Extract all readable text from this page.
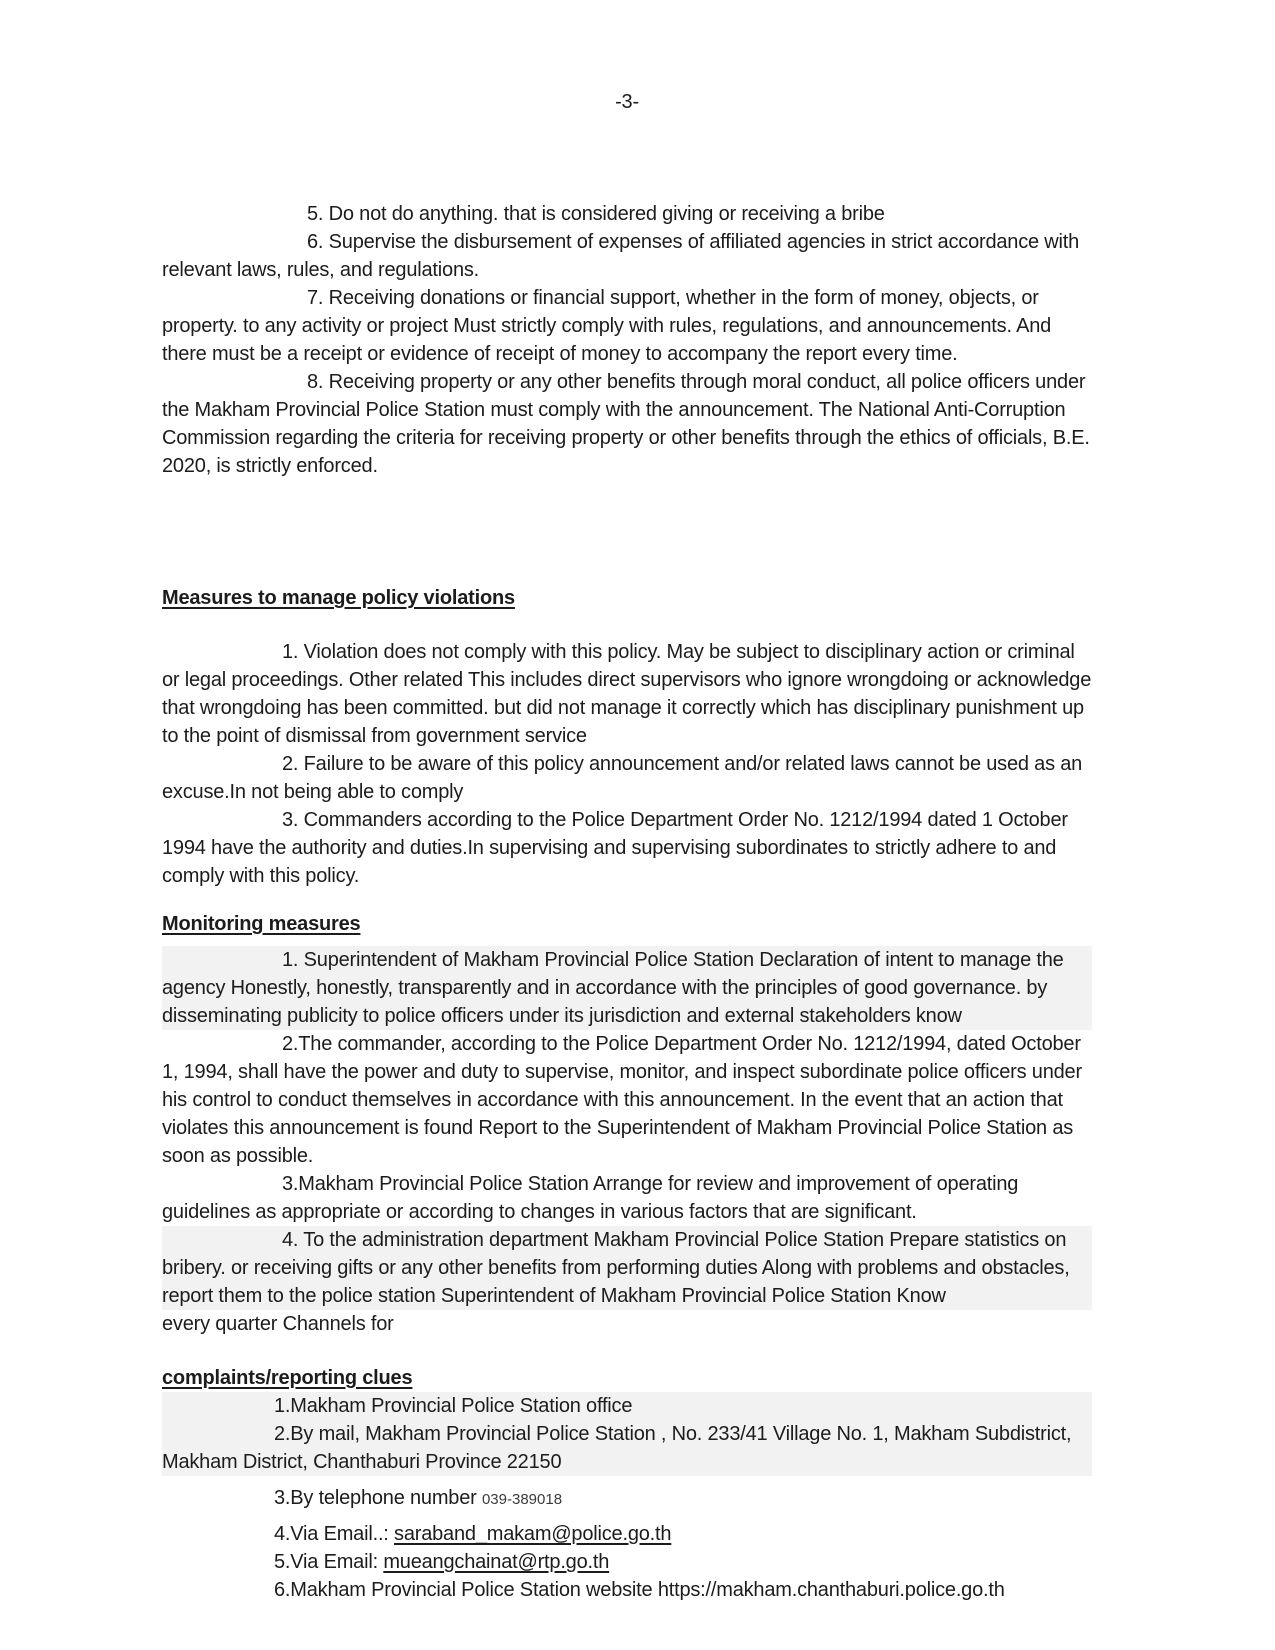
-3-
5. Do not do anything. that is considered giving or receiving a bribe
6. Supervise the disbursement of expenses of affiliated agencies in strict accordance with relevant laws, rules, and regulations.
7. Receiving donations or financial support, whether in the form of money, objects, or property. to any activity or project Must strictly comply with rules, regulations, and announcements. And there must be a receipt or evidence of receipt of money to accompany the report every time.
8. Receiving property or any other benefits through moral conduct, all police officers under the Makham Provincial Police Station must comply with the announcement. The National Anti-Corruption Commission regarding the criteria for receiving property or other benefits through the ethics of officials, B.E. 2020, is strictly enforced.
Measures to manage policy violations
1. Violation does not comply with this policy. May be subject to disciplinary action or criminal or legal proceedings. Other related This includes direct supervisors who ignore wrongdoing or acknowledge that wrongdoing has been committed. but did not manage it correctly which has disciplinary punishment up to the point of dismissal from government service
2. Failure to be aware of this policy announcement and/or related laws cannot be used as an excuse.In not being able to comply
3. Commanders according to the Police Department Order No. 1212/1994 dated 1 October 1994 have the authority and duties.In supervising and supervising subordinates to strictly adhere to and comply with this policy.
Monitoring measures
1. Superintendent of Makham Provincial Police Station Declaration of intent to manage the agency Honestly, honestly, transparently and in accordance with the principles of good governance. by disseminating publicity to police officers under its jurisdiction and external stakeholders know
2.The commander, according to the Police Department Order No. 1212/1994, dated October 1, 1994, shall have the power and duty to supervise, monitor, and inspect subordinate police officers under his control to conduct themselves in accordance with this announcement. In the event that an action that violates this announcement is found Report to the Superintendent of Makham Provincial Police Station as soon as possible.
3.Makham Provincial Police Station Arrange for review and improvement of operating guidelines as appropriate or according to changes in various factors that are significant.
4. To the administration department Makham Provincial Police Station Prepare statistics on bribery. or receiving gifts or any other benefits from performing duties Along with problems and obstacles, report them to the police station Superintendent of Makham Provincial Police Station Know
every quarter Channels for
complaints/reporting clues
1.Makham Provincial Police Station office
2.By mail, Makham Provincial Police Station , No. 233/41 Village No. 1, Makham Subdistrict, Makham District, Chanthaburi Province 22150
3.By telephone number 039-389018
4.Via Email..: saraband_makam@police.go.th
5.Via Email: mueangchainat@rtp.go.th
6.Makham Provincial Police Station website https://makham.chanthaburi.police.go.th
